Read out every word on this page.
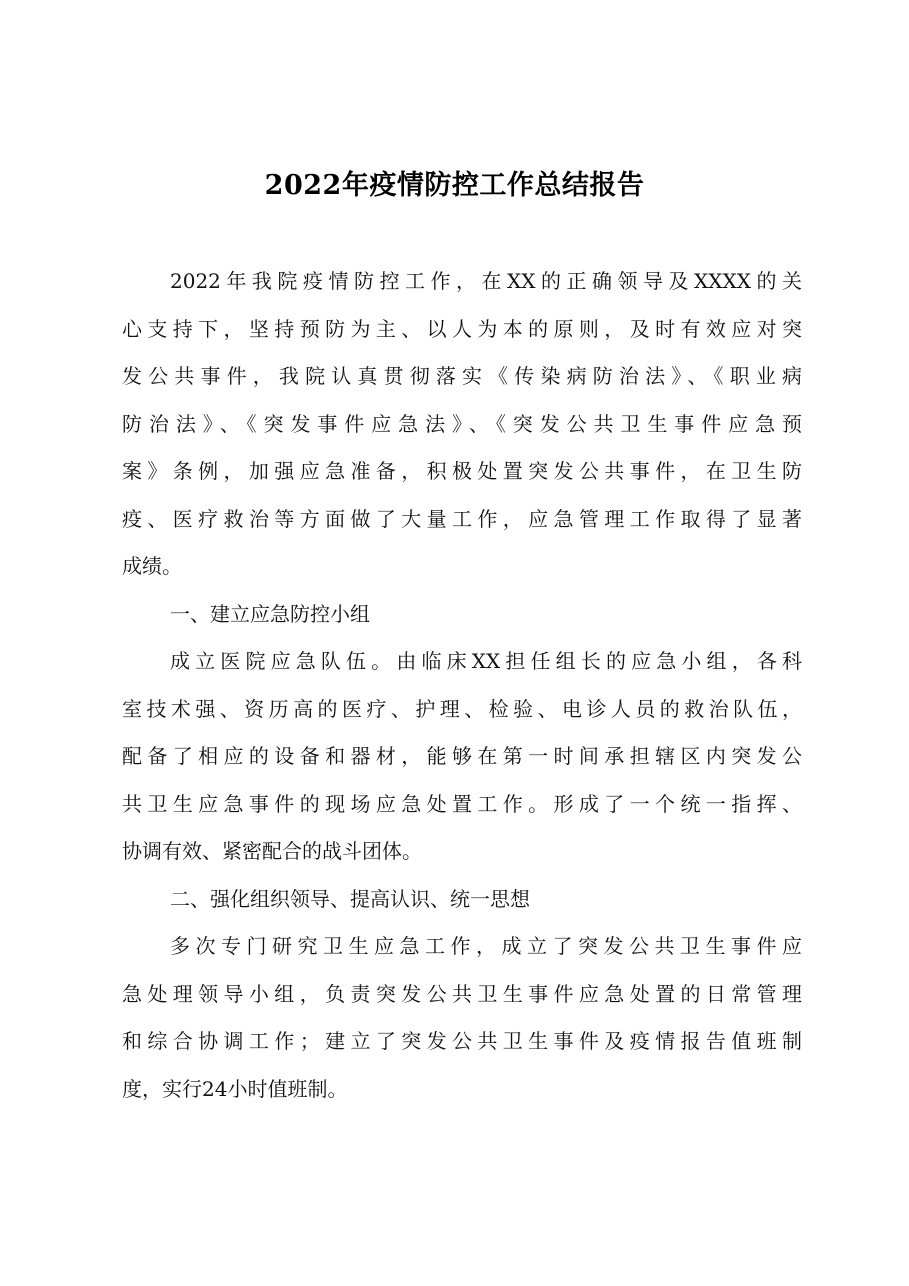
2022年疫情防控工作总结报告
2022年我院疫情防控工作，在XX的正确领导及XXXX的关
心支持下，坚持预防为主、以人为本的原则，及时有效应对突
发公共事件，我院认真贯彻落实《传染病防治法》、《职业病
防治法》、《突发事件应急法》、《突发公共卫生事件应急预
案》条例，加强应急准备，积极处置突发公共事件，在卫生防
疫、医疗救治等方面做了大量工作，应急管理工作取得了显著
成绩。
一、建立应急防控小组
成立医院应急队伍。由临床XX担任组长的应急小组，各科
室技术强、资历高的医疗、护理、检验、电诊人员的救治队伍，
配备了相应的设备和器材，能够在第一时间承担辖区内突发公
共卫生应急事件的现场应急处置工作。形成了一个统一指挥、
协调有效、紧密配合的战斗团体。
二、强化组织领导、提高认识、统一思想
多次专门研究卫生应急工作，成立了突发公共卫生事件应
急处理领导小组，负责突发公共卫生事件应急处置的日常管理
和综合协调工作；建立了突发公共卫生事件及疫情报告值班制
度，实行24小时值班制。
